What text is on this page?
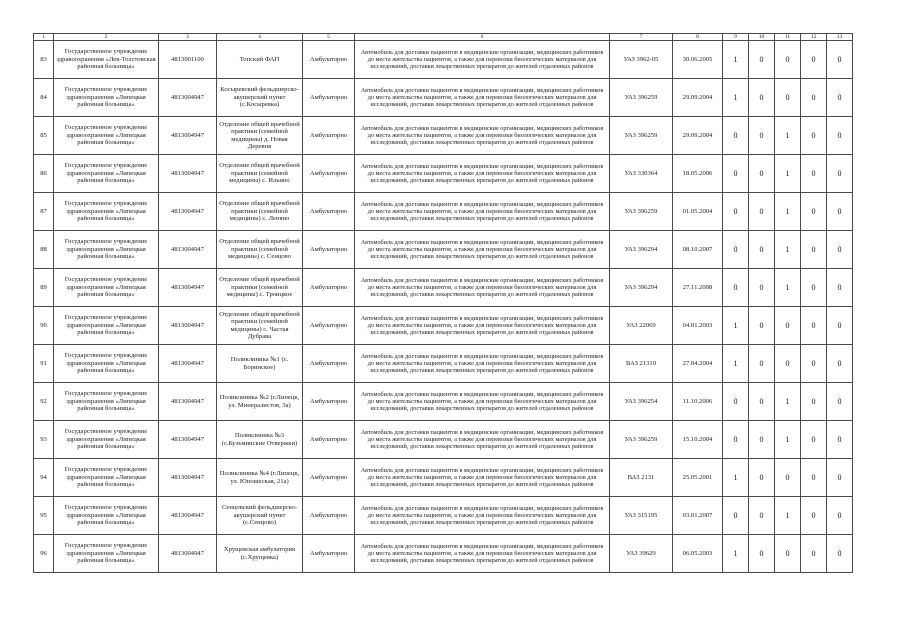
1	2	3	4	5	6	7	8	9	10	11	12	13
83	Государственное учреждение здравоохранения «Лев-Толстовская районная больница»	4813001100	Топский ФАП	Амбулаторно	Автомобиль для доставки пациентов в медицинские организации, медицинских работников до места жительства пациентов, а также для перевозки биологических материалов для исследований, доставки лекарственных препаратов до жителей отдаленных районов	УАЗ 3962-05	30.06.2005	1	0	0	0	0
84	Государственное учреждение здравоохранения «Липецкая районная больница»	4813004947	Косыревский фельдшерско-акушерский пункт (с.Косыревка)	Амбулаторно	Автомобиль для доставки пациентов в медицинские организации, медицинских работников до места жительства пациентов, а также для перевозки биологических материалов для исследований, доставки лекарственных препаратов до жителей отдаленных районов	УАЗ 396259	29.09.2004	1	0	0	0	0
85	Государственное учреждение здравоохранения «Липецкая районная больница»	4813004947	Отделение общей врачебной практики (семейной медицины) д. Новая Деревня	Амбулаторно	Автомобиль для доставки пациентов в медицинские организации, медицинских работников до места жительства пациентов, а также для перевозки биологических материалов для исследований, доставки лекарственных препаратов до жителей отдаленных районов	УАЗ 396259	29.09.2004	0	0	1	0	0
86	Государственное учреждение здравоохранения «Липецкая районная больница»	4813004947	Отделение общей врачебной практики (семейной медицины) с. Ильино	Амбулаторно	Автомобиль для доставки пациентов в медицинские организации, медицинских работников до места жительства пациентов, а также для перевозки биологических материалов для исследований, доставки лекарственных препаратов до жителей отдаленных районов	УАЗ 330364	18.05.2006	0	0	1	0	0
87	Государственное учреждение здравоохранения «Липецкая районная больница»	4813004947	Отделение общей врачебной практики (семейной медицины) с. Леняно	Амбулаторно	Автомобиль для доставки пациентов в медицинские организации, медицинских работников до места жительства пациентов, а также для перевозки биологических материалов для исследований, доставки лекарственных препаратов до жителей отдаленных районов	УАЗ 396259	01.05.2004	0	0	1	0	0
88	Государственное учреждение здравоохранения «Липецкая районная больница»	4813004947	Отделение общей врачебной практики (семейной медицины) с. Сенцово	Амбулаторно	Автомобиль для доставки пациентов в медицинские организации, медицинских работников до места жительства пациентов, а также для перевозки биологических материалов для исследований, доставки лекарственных препаратов до жителей отдаленных районов	УАЗ 396294	08.10.2007	0	0	1	0	0
89	Государственное учреждение здравоохранения «Липецкая районная больница»	4813004947	Отделение общей врачебной практики (семейной медицины) с. Троицкое	Амбулаторно	Автомобиль для доставки пациентов в медицинские организации, медицинских работников до места жительства пациентов, а также для перевозки биологических материалов для исследований, доставки лекарственных препаратов до жителей отдаленных районов	УАЗ 396294	27.11.2008	0	0	1	0	0
90	Государственное учреждение здравоохранения «Липецкая районная больница»	4813004947	Отделение общей врачебной практики (семейной медицины) с. Частая Дубрава	Амбулаторно	Автомобиль для доставки пациентов в медицинские организации, медицинских работников до места жительства пациентов, а также для перевозки биологических материалов для исследований, доставки лекарственных препаратов до жителей отдаленных районов	УАЗ 22069	04.01.2003	1	0	0	0	0
91	Государственное учреждение здравоохранения «Липецкая районная больница»	4813004947	Поликлиника №1 (с. Боринское)	Амбулаторно	Автомобиль для доставки пациентов в медицинские организации, медицинских работников до места жительства пациентов, а также для перевозки биологических материалов для исследований, доставки лекарственных препаратов до жителей отдаленных районов	ВАЗ 21310	27.04.2004	1	0	0	0	0
92	Государственное учреждение здравоохранения «Липецкая районная больница»	4813004947	Поликлиника №2 (г.Липецк, ул. Минералистов, 3а)	Амбулаторно	Автомобиль для доставки пациентов в медицинские организации, медицинских работников до места жительства пациентов, а также для перевозки биологических материалов для исследований, доставки лекарственных препаратов до жителей отдаленных районов	УАЗ 396254	11.10.2006	0	0	1	0	0
93	Государственное учреждение здравоохранения «Липецкая районная больница»	4813004947	Поликлиника №3 (с.Кузьминские Отвержки)	Амбулаторно	Автомобиль для доставки пациентов в медицинские организации, медицинских работников до места жительства пациентов, а также для перевозки биологических материалов для исследований, доставки лекарственных препаратов до жителей отдаленных районов	УАЗ 396259	15.10.2004	0	0	1	0	0
94	Государственное учреждение здравоохранения «Липецкая районная больница»	4813004947	Поликлиника №4 (г.Липецк, ул. Юношеская, 21а)	Амбулаторно	Автомобиль для доставки пациентов в медицинские организации, медицинских работников до места жительства пациентов, а также для перевозки биологических материалов для исследований, доставки лекарственных препаратов до жителей отдаленных районов	ВАЗ 2131	25.05.2001	1	0	0	0	0
95	Государственное учреждение здравоохранения «Липецкая районная больница»	4813004947	Сенцовский фельдшерско-акушерский пункт (с.Сенцово)	Амбулаторно	Автомобиль для доставки пациентов в медицинские организации, медицинских работников до места жительства пациентов, а также для перевозки биологических материалов для исследований, доставки лекарственных препаратов до жителей отдаленных районов	УАЗ 315195	03.01.2007	0	0	1	0	0
96	Государственное учреждение здравоохранения «Липецкая районная больница»	4813004947	Хрущевская амбулатория (с.Хрущевка)	Амбулаторно	Автомобиль для доставки пациентов в медицинские организации, медицинских работников до места жительства пациентов, а также для перевозки биологических материалов для исследований, доставки лекарственных препаратов до жителей отдаленных районов	УАЗ 39629	06.05.2003	1	0	0	0	0
